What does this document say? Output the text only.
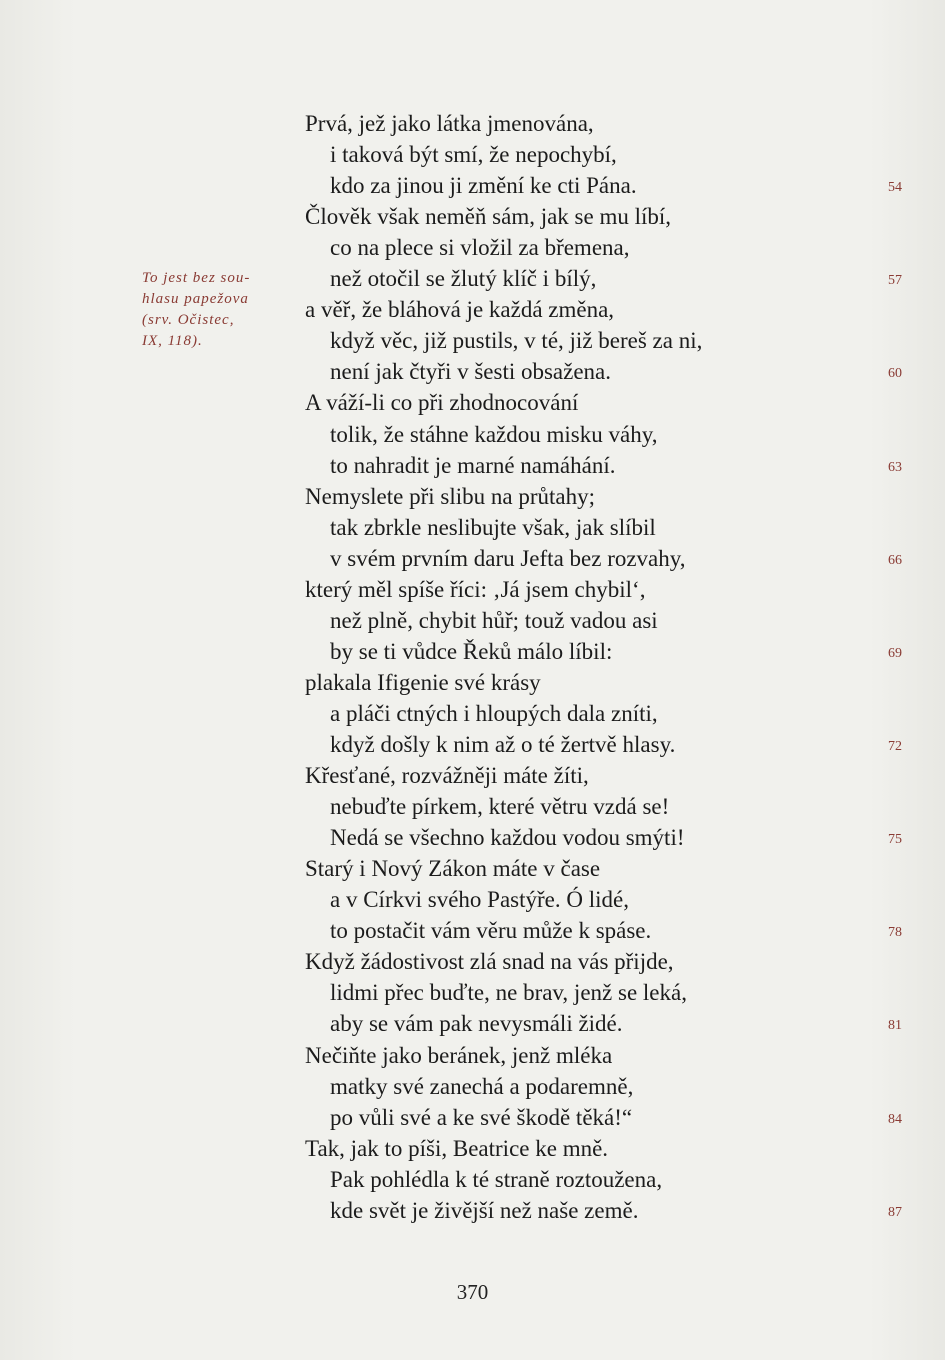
To jest bez sou-
hlasu papežova
(srv. Očistec,
IX, 118).
Prvá, jež jako látka jmenována,
i taková být smí, že nepochybí,
kdo za jinou ji změní ke cti Pána.
Člověk však neměň sám, jak se mu líbí,
co na plece si vložil za břemena,
než otočil se žlutý klíč i bílý,
a věř, že bláhová je každá změna,
když věc, již pustils, v té, již bereš za ni,
není jak čtyři v šesti obsažena.
A váží-li co při zhodnocování
tolik, že stáhne každou misku váhy,
to nahradit je marné namáhání.
Nemyslete při slibu na průtahy;
tak zbrkle neslibujte však, jak slíbil
v svém prvním daru Jefta bez rozvahy,
který měl spíše říci: ‚Já jsem chybil‘,
než plně, chybit hůř; touž vadou asi
by se ti vůdce Řeků málo líbil:
plakala Ifigenie své krásy
a pláči ctných i hloupých dala zníti,
když došly k nim až o té žertvě hlasy.
Křesťané, rozvážněji máte žíti,
nebuďte pírkem, které větru vzdá se!
Nedá se všechno každou vodou smýti!
Starý i Nový Zákon máte v čase
a v Církvi svého Pastýře. Ó lidé,
to postačit vám věru může k spáse.
Když žádostivost zlá snad na vás přijde,
lidmi přec buďte, ne brav, jenž se leká,
aby se vám pak nevysmáli židé.
Nečiňte jako beránek, jenž mléka
matky své zanechá a podaremně,
po vůli své a ke své škodě těká!“
Tak, jak to píši, Beatrice ke mně.
Pak pohlédla k té straně roztoužena,
kde svět je živější než naše země.
54
57
60
63
66
69
72
75
78
81
84
87
370
